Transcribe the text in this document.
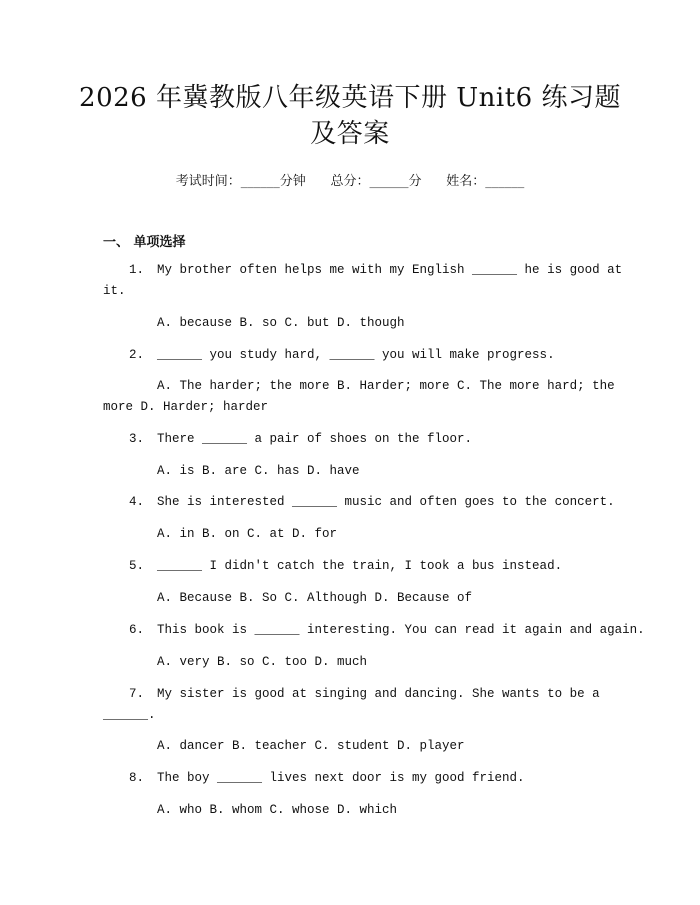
2026 年冀教版八年级英语下册 Unit6 练习题
及答案
考试时间：______分钟      总分：______分      姓名：______
一、 单项选择
1. My brother often helps me with my English ______ he is good at
it.
A. because B. so C. but D. though
2. ______ you study hard, ______ you will make progress.
A. The harder; the more B. Harder; more C. The more hard; the
more D. Harder; harder
3. There ______ a pair of shoes on the floor.
A. is B. are C. has D. have
4. She is interested ______ music and often goes to the concert.
A. in B. on C. at D. for
5. ______ I didn't catch the train, I took a bus instead.
A. Because B. So C. Although D. Because of
6. This book is ______ interesting. You can read it again and again.
A. very B. so C. too D. much
7. My sister is good at singing and dancing. She wants to be a
______.
A. dancer B. teacher C. student D. player
8. The boy ______ lives next door is my good friend.
A. who B. whom C. whose D. which
